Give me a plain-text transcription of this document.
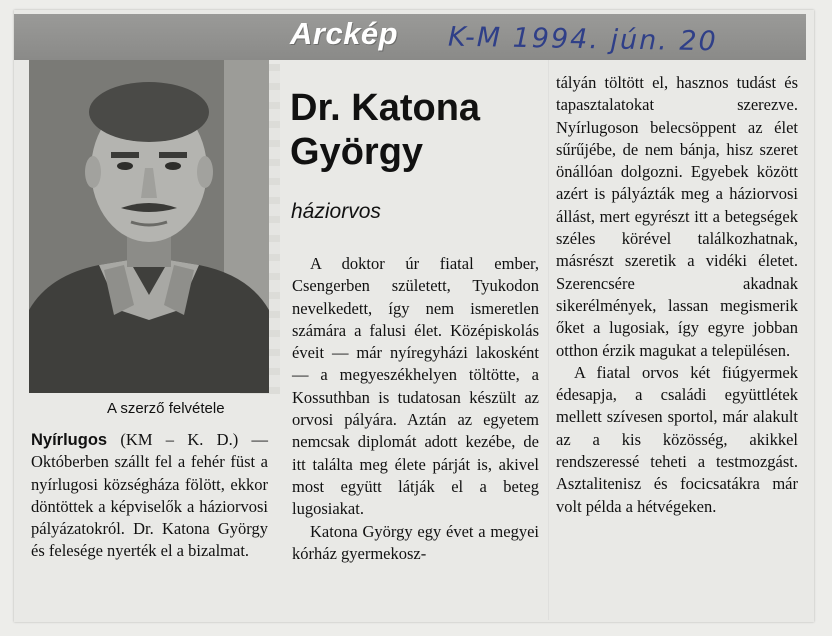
Arckép K-M 1994. jún. 20
A szerző felvétele
Dr. Katona
György
háziorvos

Nyírlugos (KM – K. D.) — Októberben szállt fel a fehér füst a nyírlugosi községháza fölött, ekkor döntöttek a képviselők a háziorvosi pályázatokról. Dr. Katona György és felesége nyerték el a bizalmat.

A doktor úr fiatal ember, Csengerben született, Tyukodon nevelkedett, így nem ismeretlen számára a falusi élet. Középiskolás éveit — már nyíregyházi lakosként — a megyeszékhelyen töltötte, a Kossuthban is tudatosan készült az orvosi pályára. Aztán az egyetem nemcsak diplomát adott kezébe, de itt találta meg élete párját is, akivel most együtt látják el a beteg lugosiakat.

Katona György egy évet a megyei kórház gyermekosz-

tályán töltött el, hasznos tudást és tapasztalatokat szerezve. Nyírlugoson belecsöppent az élet sűrűjébe, de nem bánja, hisz szeret önállóan dolgozni. Egyebek között azért is pályázták meg a háziorvosi állást, mert egyrészt itt a betegségek széles körével találkozhatnak, másrészt szeretik a vidéki életet. Szerencsére akadnak sikerélmények, lassan megismerik őket a lugosiak, így egyre jobban otthon érzik magukat a településen.

A fiatal orvos két fiúgyermek édesapja, a családi együttlétek mellett szívesen sportol, már alakult az a kis közösség, akikkel rendszeressé teheti a testmozgást. Asztalitenisz és focicsatákra már volt példa a hétvégeken.
